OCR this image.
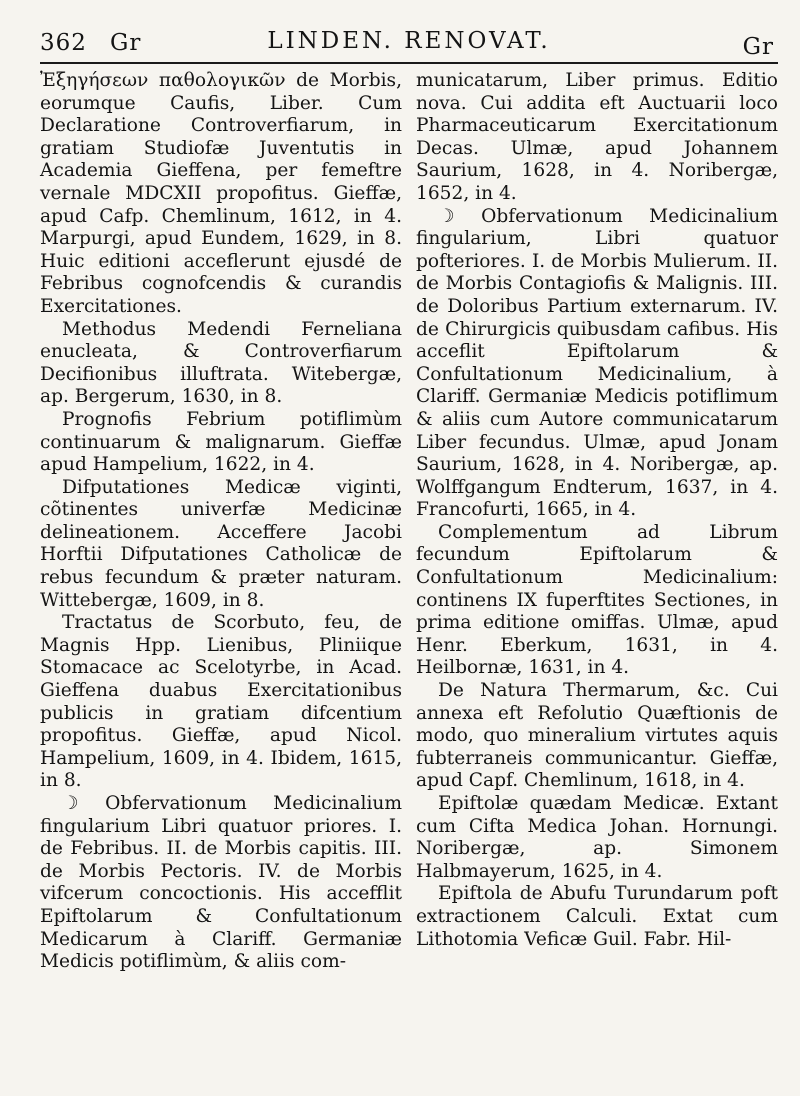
362 Gr	LINDEN. RENOVAT.	Gr

Ἐξηγήσεων παθολογικῶν de Morbis, eorumque Caufis, Liber. Cum Declaratione Controverfiarum, in gratiam Studiofæ Juventutis in Academia Gieffena, per femeftre vernale MDCXII propofitus. Gieffæ, apud Cafp. Chemlinum, 1612, in 4. Marpurgi, apud Eundem, 1629, in 8. Huic editioni acceflerunt ejusdé de Febribus cognofcendis & curandis Exercitationes.

Methodus Medendi Ferneliana enucleata, & Controverfiarum Decifionibus illuftrata. Witebergæ, ap. Bergerum, 1630, in 8.

Prognofis Febrium potiflimùm continuarum & malignarum. Gieffæ apud Hampelium, 1622, in 4.

Difputationes Medicæ viginti, cõtinentes univerfæ Medicinæ delineationem. Acceffere Jacobi Horftii Difputationes Catholicæ de rebus fecundum & præter naturam. Wittebergæ, 1609, in 8.

Tractatus de Scorbuto, feu, de Magnis Hpp. Lienibus, Pliniique Stomacace ac Scelotyrbe, in Acad. Gieffena duabus Exercitationibus publicis in gratiam difcentium propofitus. Gieffæ, apud Nicol. Hampelium, 1609, in 4. Ibidem, 1615, in 8.

☽ Obfervationum Medicinalium fingularium Libri quatuor priores. I. de Febribus. II. de Morbis capitis. III. de Morbis Pectoris. IV. de Morbis vifcerum concoctionis. His accefflit Epiftolarum & Confultationum Medicarum à Clariff. Germaniæ Medicis potiflimùm, & aliis com-

municatarum, Liber primus. Editio nova. Cui addita eft Auctuarii loco Pharmaceuticarum Exercitationum Decas. Ulmæ, apud Johannem Saurium, 1628, in 4. Noribergæ, 1652, in 4.

☽ Obfervationum Medicinalium fingularium, Libri quatuor pofteriores. I. de Morbis Mulierum. II. de Morbis Contagiofis & Malignis. III. de Doloribus Partium externarum. IV. de Chirurgicis quibusdam cafibus. His acceflit Epiftolarum & Confultationum Medicinalium, à Clariff. Germaniæ Medicis potiflimum & aliis cum Autore communicatarum Liber fecundus. Ulmæ, apud Jonam Saurium, 1628, in 4. Noribergæ, ap. Wolffgangum Endterum, 1637, in 4. Francofurti, 1665, in 4.

Complementum ad Librum fecundum Epiftolarum & Confultationum Medicinalium: continens IX fuperftites Sectiones, in prima editione omiffas. Ulmæ, apud Henr. Eberkum, 1631, in 4. Heilbornæ, 1631, in 4.

De Natura Thermarum, &c. Cui annexa eft Refolutio Quæftionis de modo, quo mineralium virtutes aquis fubterraneis communicantur. Gieffæ, apud Capf. Chemlinum, 1618, in 4.

Epiftolæ quædam Medicæ. Extant cum Cifta Medica Johan. Hornungi. Noribergæ, ap. Simonem Halbmayerum, 1625, in 4.

Epiftola de Abufu Turundarum poft extractionem Calculi. Extat cum Lithotomia Veficæ Guil. Fabr. Hil-
